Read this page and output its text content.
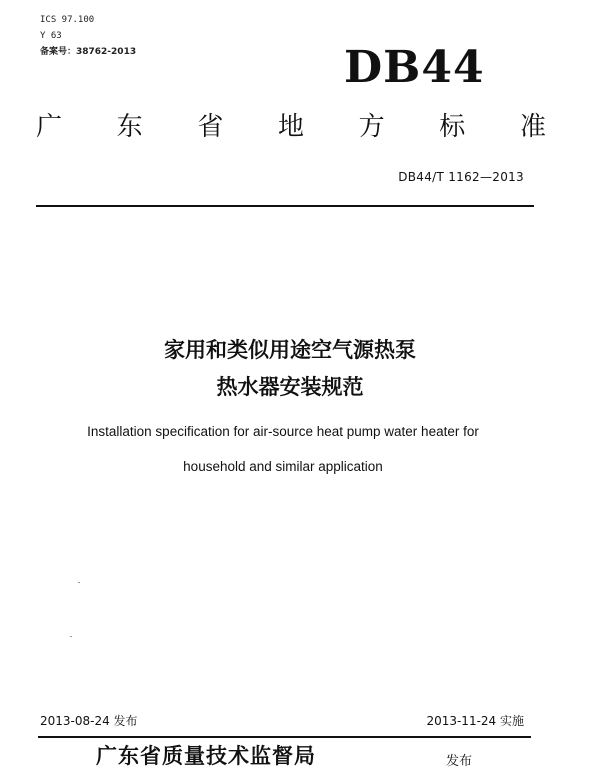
ICS 97.100
Y 63
备案号：38762-2013	DB44
广 东 省 地 方 标 准
DB44/T 1162—2013
家用和类似用途空气源热泵
热水器安装规范
Installation specification for air-source heat pump water heater for
household and similar application
2013-08-24 发布	2013-11-24 实施
广东省质量技术监督局	发布
